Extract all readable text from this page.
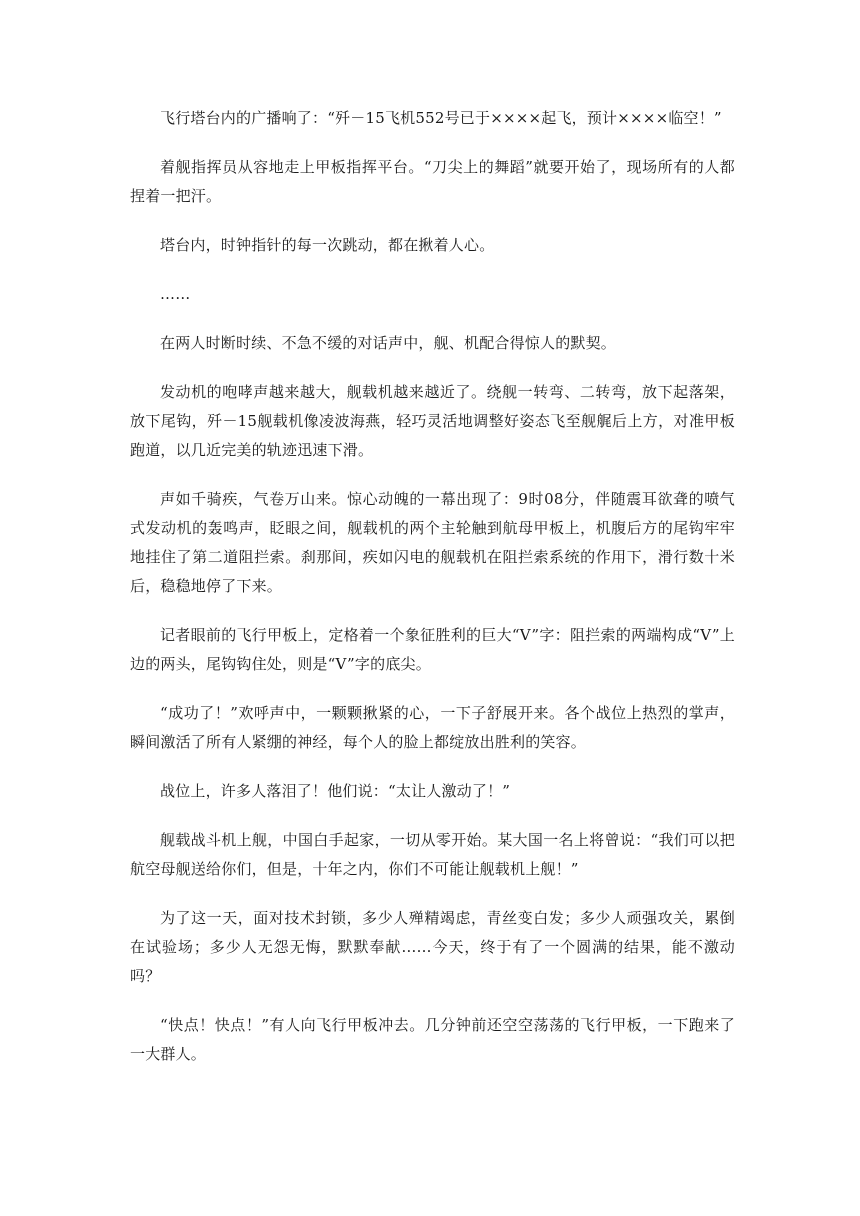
飞行塔台内的广播响了：“歼－15飞机552号已于××××起飞，预计××××临空！”

着舰指挥员从容地走上甲板指挥平台。“刀尖上的舞蹈”就要开始了，现场所有的人都捏着一把汗。

塔台内，时钟指针的每一次跳动，都在揪着人心。

……

在两人时断时续、不急不缓的对话声中，舰、机配合得惊人的默契。

发动机的咆哮声越来越大，舰载机越来越近了。绕舰一转弯、二转弯，放下起落架，放下尾钩，歼－15舰载机像凌波海燕，轻巧灵活地调整好姿态飞至舰艉后上方，对准甲板跑道，以几近完美的轨迹迅速下滑。

声如千骑疾，气卷万山来。惊心动魄的一幕出现了：9时08分，伴随震耳欲聋的喷气式发动机的轰鸣声，眨眼之间，舰载机的两个主轮触到航母甲板上，机腹后方的尾钩牢牢地挂住了第二道阻拦索。刹那间，疾如闪电的舰载机在阻拦索系统的作用下，滑行数十米后，稳稳地停了下来。

记者眼前的飞行甲板上，定格着一个象征胜利的巨大“V”字：阻拦索的两端构成“V”上边的两头，尾钩钩住处，则是“V”字的底尖。

“成功了！”欢呼声中，一颗颗揪紧的心，一下子舒展开来。各个战位上热烈的掌声，瞬间激活了所有人紧绷的神经，每个人的脸上都绽放出胜利的笑容。

战位上，许多人落泪了！他们说：“太让人激动了！”

舰载战斗机上舰，中国白手起家，一切从零开始。某大国一名上将曾说：“我们可以把航空母舰送给你们，但是，十年之内，你们不可能让舰载机上舰！”

为了这一天，面对技术封锁，多少人殚精竭虑，青丝变白发；多少人顽强攻关，累倒在试验场；多少人无怨无悔，默默奉献……今天，终于有了一个圆满的结果，能不激动吗？

“快点！快点！”有人向飞行甲板冲去。几分钟前还空空荡荡的飞行甲板，一下跑来了一大群人。
